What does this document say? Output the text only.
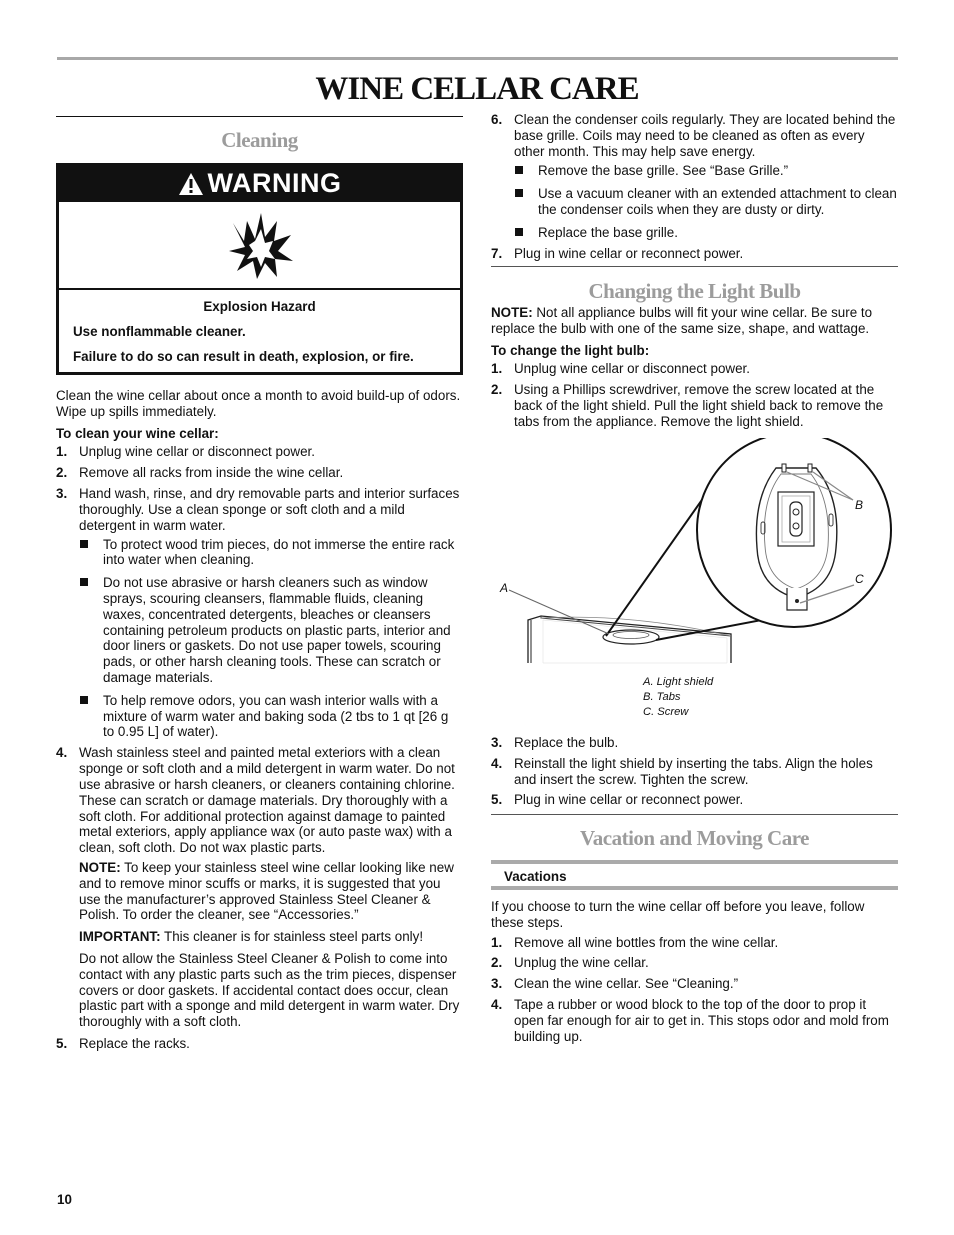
WINE CELLAR CARE
Cleaning
WARNING
Explosion Hazard
Use nonflammable cleaner.
Failure to do so can result in death, explosion, or fire.

Clean the wine cellar about once a month to avoid build-up of odors. Wipe up spills immediately.

To clean your wine cellar:
1. Unplug wine cellar or disconnect power.
2. Remove all racks from inside the wine cellar.
3. Hand wash, rinse, and dry removable parts and interior surfaces thoroughly. Use a clean sponge or soft cloth and a mild detergent in warm water.
To protect wood trim pieces, do not immerse the entire rack into water when cleaning.
Do not use abrasive or harsh cleaners such as window sprays, scouring cleansers, flammable fluids, cleaning waxes, concentrated detergents, bleaches or cleansers containing petroleum products on plastic parts, interior and door liners or gaskets. Do not use paper towels, scouring pads, or other harsh cleaning tools. These can scratch or damage materials.
To help remove odors, you can wash interior walls with a mixture of warm water and baking soda (2 tbs to 1 qt [26 g to 0.95 L] of water).
4. Wash stainless steel and painted metal exteriors with a clean sponge or soft cloth and a mild detergent in warm water. Do not use abrasive or harsh cleaners, or cleaners containing chlorine. These can scratch or damage materials. Dry thoroughly with a soft cloth. For additional protection against damage to painted metal exteriors, apply appliance wax (or auto paste wax) with a clean, soft cloth. Do not wax plastic parts.

NOTE: To keep your stainless steel wine cellar looking like new and to remove minor scuffs or marks, it is suggested that you use the manufacturer’s approved Stainless Steel Cleaner & Polish. To order the cleaner, see “Accessories.”

IMPORTANT: This cleaner is for stainless steel parts only!

Do not allow the Stainless Steel Cleaner & Polish to come into contact with any plastic parts such as the trim pieces, dispenser covers or door gaskets. If accidental contact does occur, clean plastic part with a sponge and mild detergent in warm water. Dry thoroughly with a soft cloth.

5. Replace the racks.
6. Clean the condenser coils regularly. They are located behind the base grille. Coils may need to be cleaned as often as every other month. This may help save energy.
Remove the base grille. See “Base Grille.”
Use a vacuum cleaner with an extended attachment to clean the condenser coils when they are dusty or dirty.
Replace the base grille.
7. Plug in wine cellar or reconnect power.
Changing the Light Bulb

NOTE: Not all appliance bulbs will fit your wine cellar. Be sure to replace the bulb with one of the same size, shape, and wattage.

To change the light bulb:
1. Unplug wine cellar or disconnect power.
2. Using a Phillips screwdriver, remove the screw located at the back of the light shield. Pull the light shield back to remove the tabs from the appliance. Remove the light shield.
A
B
C
A. Light shield
B. Tabs
C. Screw
3. Replace the bulb.
4. Reinstall the light shield by inserting the tabs. Align the holes and insert the screw. Tighten the screw.
5. Plug in wine cellar or reconnect power.
Vacation and Moving Care
Vacations

If you choose to turn the wine cellar off before you leave, follow these steps.

1. Remove all wine bottles from the wine cellar.
2. Unplug the wine cellar.
3. Clean the wine cellar. See “Cleaning.”
4. Tape a rubber or wood block to the top of the door to prop it open far enough for air to get in. This stops odor and mold from building up.
10
